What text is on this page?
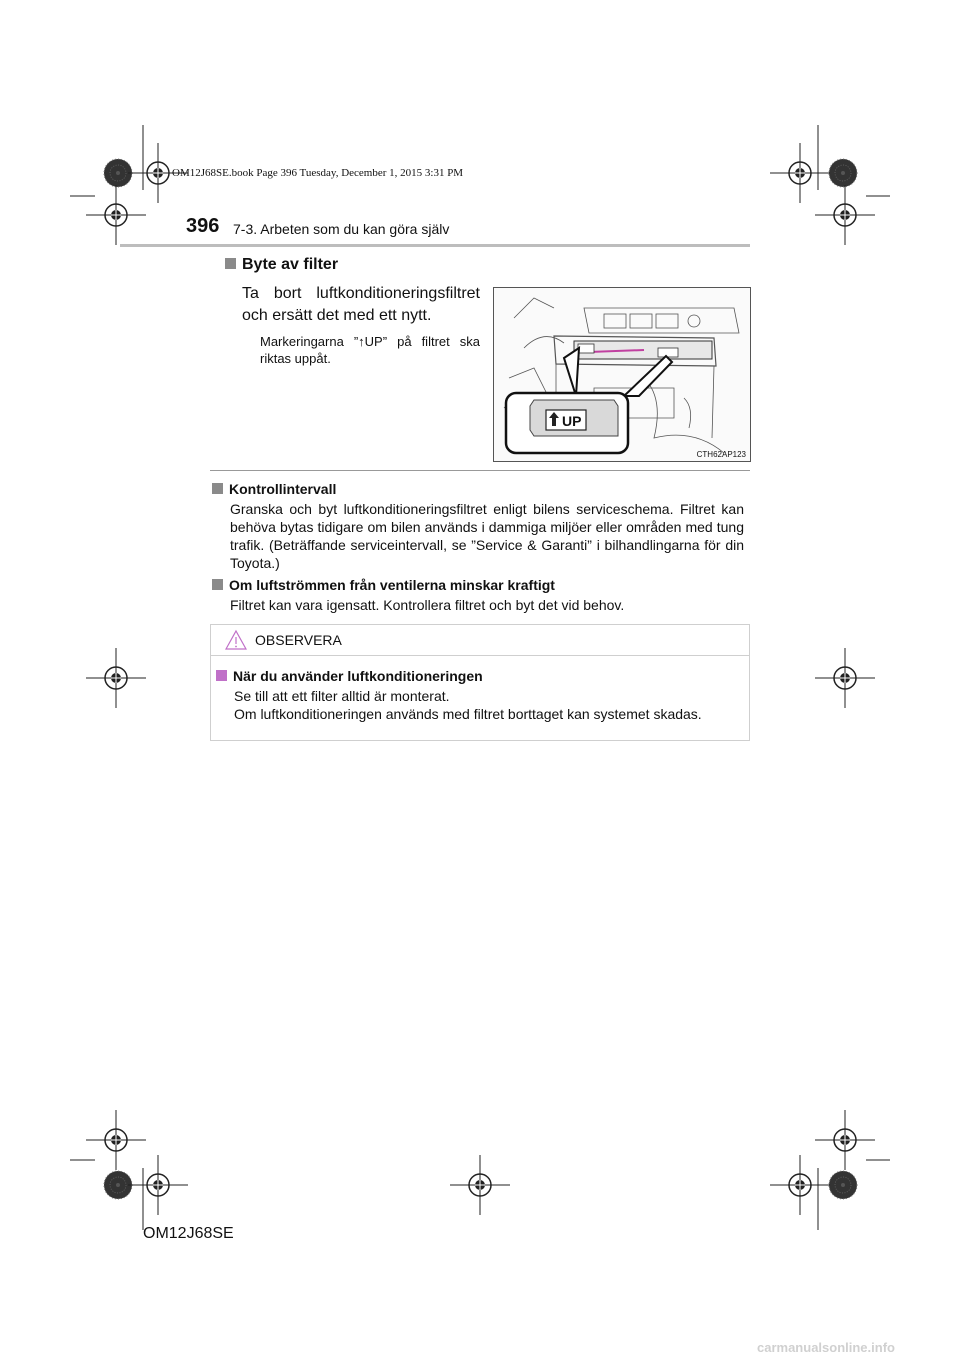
OM12J68SE.book Page 396 Tuesday, December 1, 2015 3:31 PM
396 7-3. Arbeten som du kan göra själv
Byte av filter
Ta bort luftkonditioneringsfiltret och ersätt det med ett nytt.
Markeringarna ”↑UP” på filtret ska riktas uppåt.
UP
CTH62AP123
Kontrollintervall
Granska och byt luftkonditioneringsfiltret enligt bilens serviceschema. Filtret kan behöva bytas tidigare om bilen används i dammiga miljöer eller områden med tung trafik. (Beträffande serviceintervall, se ”Service & Garanti” i bilhandlingarna för din Toyota.)
Om luftströmmen från ventilerna minskar kraftigt
Filtret kan vara igensatt. Kontrollera filtret och byt det vid behov.
OBSERVERA
När du använder luftkonditioneringen
Se till att ett filter alltid är monterat.
Om luftkonditioneringen används med filtret borttaget kan systemet skadas.
OM12J68SE
carmanualsonline.info
